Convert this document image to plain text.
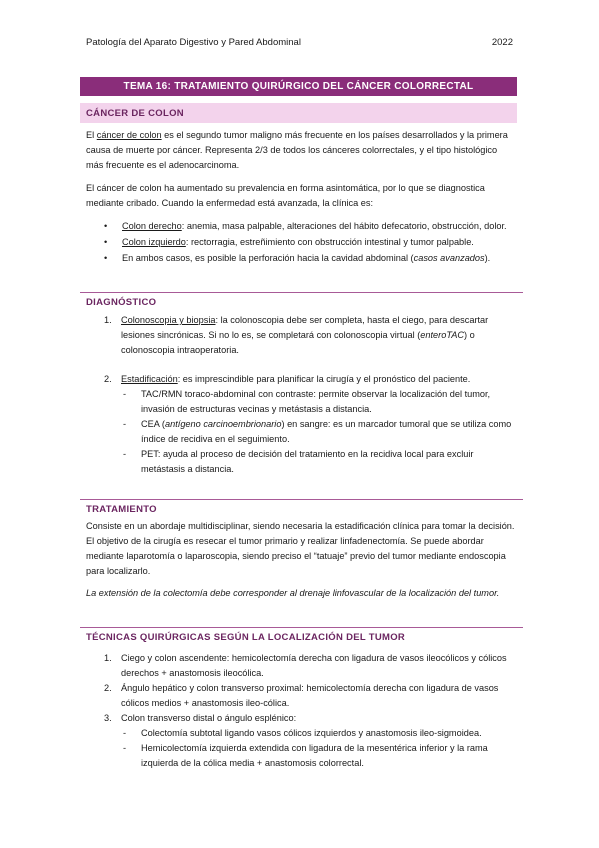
Patología del Aparato Digestivo y Pared Abdominal	2022
TEMA 16: TRATAMIENTO QUIRÚRGICO DEL CÁNCER COLORRECTAL
CÁNCER DE COLON

El cáncer de colon es el segundo tumor maligno más frecuente en los países desarrollados y la primera causa de muerte por cáncer. Representa 2/3 de todos los cánceres colorrectales, y el tipo histológico más frecuente es el adenocarcinoma.

El cáncer de colon ha aumentado su prevalencia en forma asintomática, por lo que se diagnostica mediante cribado. Cuando la enfermedad está avanzada, la clínica es:

• Colon derecho: anemia, masa palpable, alteraciones del hábito defecatorio, obstrucción, dolor.
• Colon izquierdo: rectorragia, estreñimiento con obstrucción intestinal y tumor palpable.
• En ambos casos, es posible la perforación hacia la cavidad abdominal (casos avanzados).
DIAGNÓSTICO
1. Colonoscopia y biopsia: la colonoscopia debe ser completa, hasta el ciego, para descartar lesiones sincrónicas. Si no lo es, se completará con colonoscopia virtual (enteroTAC) o colonoscopia intraoperatoria.
2. Estadificación: es imprescindible para planificar la cirugía y el pronóstico del paciente.
- TAC/RMN toraco-abdominal con contraste: permite observar la localización del tumor, invasión de estructuras vecinas y metástasis a distancia.
- CEA (antígeno carcinoembrionario) en sangre: es un marcador tumoral que se utiliza como índice de recidiva en el seguimiento.
- PET: ayuda al proceso de decisión del tratamiento en la recidiva local para excluir metástasis a distancia.
TRATAMIENTO

Consiste en un abordaje multidisciplinar, siendo necesaria la estadificación clínica para tomar la decisión. El objetivo de la cirugía es resecar el tumor primario y realizar linfadenectomía. Se puede abordar mediante laparotomía o laparoscopia, siendo preciso el “tatuaje” previo del tumor mediante endoscopia para localizarlo.

La extensión de la colectomía debe corresponder al drenaje linfovascular de la localización del tumor.

TÉCNICAS QUIRÚRGICAS SEGÚN LA LOCALIZACIÓN DEL TUMOR
1. Ciego y colon ascendente: hemicolectomía derecha con ligadura de vasos ileocólicos y cólicos derechos + anastomosis ileocólica.
2. Ángulo hepático y colon transverso proximal: hemicolectomía derecha con ligadura de vasos cólicos medios + anastomosis ileo-cólica.
3. Colon transverso distal o ángulo esplénico:
- Colectomía subtotal ligando vasos cólicos izquierdos y anastomosis ileo-sigmoidea.
- Hemicolectomía izquierda extendida con ligadura de la mesentérica inferior y la rama izquierda de la cólica media + anastomosis colorrectal.
